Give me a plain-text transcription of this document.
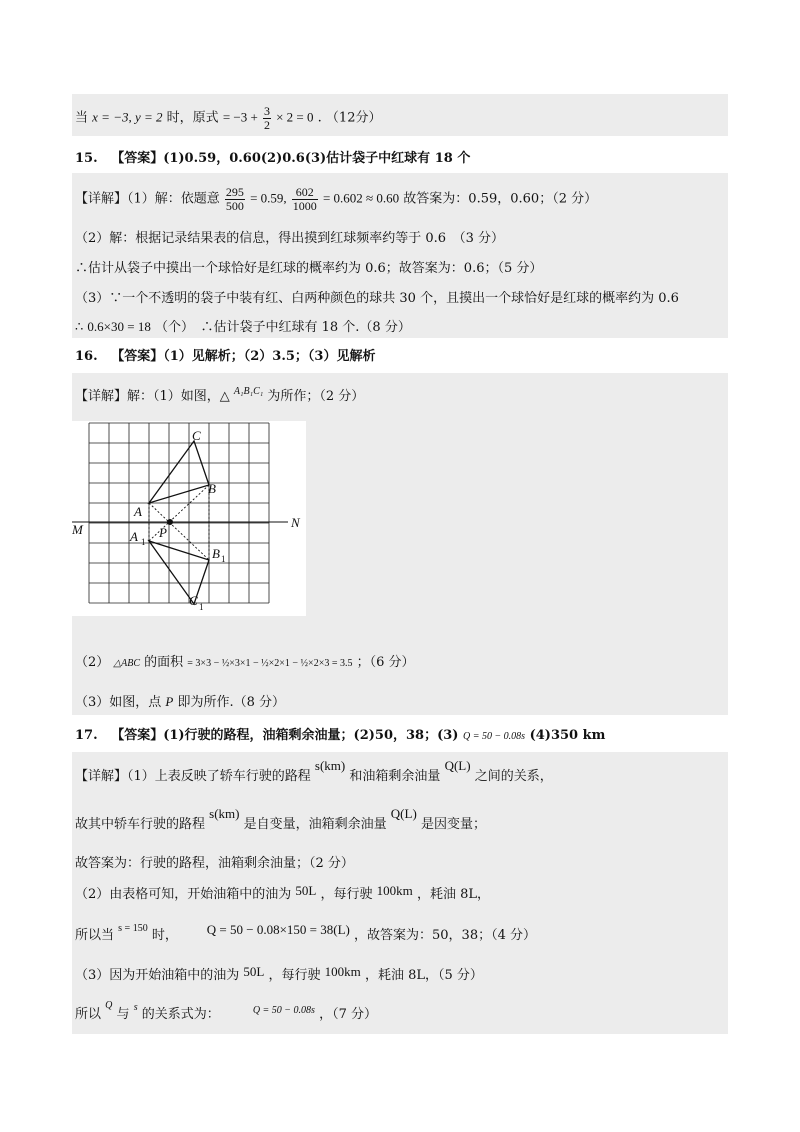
当 x = −3, y = 2 时，原式 = $-3 + \frac{3}{2} \times 2 = 0$ . （12分）
15. 【答案】(1)0.59，0.60(2)0.6(3)估计袋子中红球有 18 个
【详解】（1）解：依题意 $\frac{295}{500} = 0.59$, $\frac{602}{1000} = 0.602 \approx 0.60$ 故答案为：0.59，0.60；（2 分）
（2）解：根据记录结果表的信息，得出摸到红球频率约等于 0.6　（3 分）
∴估计从袋子中摸出一个球恰好是红球的概率约为 0.6；故答案为：0.6；（5 分）
（3）∵一个不透明的袋子中装有红、白两种颜色的球共 30 个，且摸出一个球恰好是红球的概率约为 0.6
∴ 0.6×30 = 18 （个）　∴估计袋子中红球有 18 个.（8 分）
16. 【答案】（1）见解析；（2）3.5；（3）见解析
【详解】解：（1）如图，△ $^{A_1B_1C_1}$ 为所作；（2 分）
C
B
A
P
M	N
A 1
B 1
C 1
（2） △ABC 的面积 = 3×3 − ½×3×1 − ½×2×1 − ½×2×3 = 3.5 ；（6 分）
（3）如图，点 P 即为所作.（8 分）
17. 【答案】(1)行驶的路程，油箱剩余油量；(2)50，38；(3) Q = 50 − 0.08s (4)350 km
【详解】（1）上表反映了轿车行驶的路程 s(km) 和油箱剩余油量 Q(L) 之间的关系，
故其中轿车行驶的路程 s(km) 是自变量，油箱剩余油量 Q(L) 是因变量；
故答案为：行驶的路程，油箱剩余油量；（2 分）
（2）由表格可知，开始油箱中的油为 50L ，每行驶 100km ，耗油 8L，
所以当 $^{s = 150}$ 时， Q = 50 − 0.08×150 = 38(L) ，故答案为：50，38；（4 分）
（3）因为开始油箱中的油为 50L ，每行驶 100km ，耗油 8L，（5 分）
所以 $^Q$ 与 $^s$ 的关系式为：	$^{Q = 50 - 0.08s}$ ，（7 分）
